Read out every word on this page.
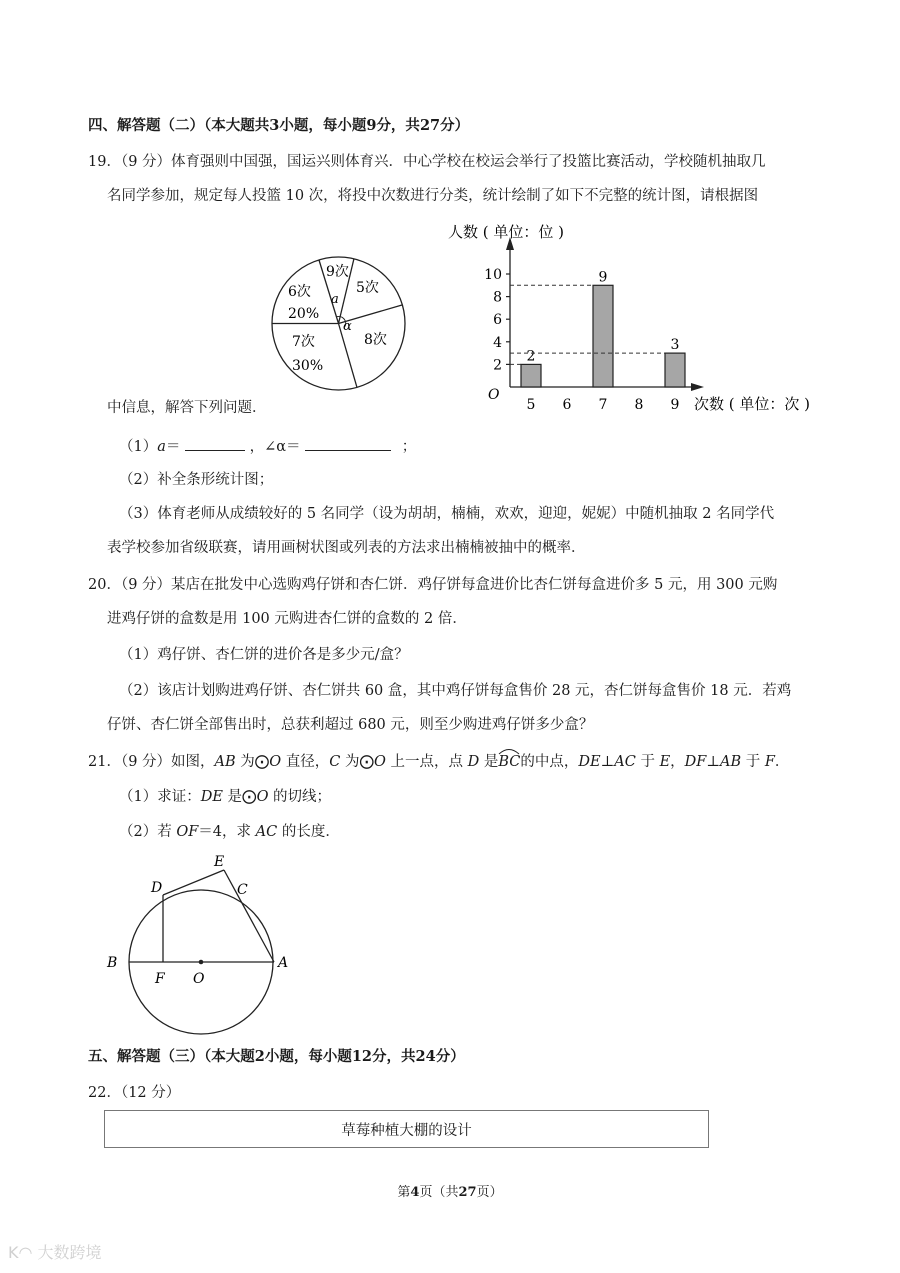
四、解答题（二）（本大题共3小题，每小题9分，共27分）
19．（9 分）体育强则中国强，国运兴则体育兴．中心学校在校运会举行了投篮比赛活动，学校随机抽取几
名同学参加，规定每人投篮 10 次，将投中次数进行分类，统计绘制了如下不完整的统计图，请根据图
9次
5次
6次
20%
7次
30%
8次
a
α
人数 ( 单位：位 )
次数 ( 单位：次 )
O
2
4
6
8
10
5 6 7 8 9
2
9
3
中信息，解答下列问题．
（1）a＝	，∠α＝	；
（2）补全条形统计图；
（3）体育老师从成绩较好的 5 名同学（设为胡胡，楠楠，欢欢，迎迎，妮妮）中随机抽取 2 名同学代
表学校参加省级联赛，请用画树状图或列表的方法求出楠楠被抽中的概率．
20．（9 分）某店在批发中心选购鸡仔饼和杏仁饼．鸡仔饼每盒进价比杏仁饼每盒进价多 5 元，用 300 元购
进鸡仔饼的盒数是用 100 元购进杏仁饼的盒数的 2 倍．
（1）鸡仔饼、杏仁饼的进价各是多少元/盒？
（2）该店计划购进鸡仔饼、杏仁饼共 60 盒，其中鸡仔饼每盒售价 28 元，杏仁饼每盒售价 18 元．若鸡
仔饼、杏仁饼全部售出时，总获利超过 680 元，则至少购进鸡仔饼多少盒？
21．（9 分）如图，AB 为⨀O 直径，C 为⨀O 上一点，点 D 是
BC的中点，DE⊥AC 于 E，DF⊥AB 于 F．
（1）求证：DE 是⨀O 的切线；
（2）若 OF＝4，求 AC 的长度．
E
D	C
B
F O
A
五、解答题（三）（本大题2小题，每小题12分，共24分）
22．（12 分）
草莓种植大棚的设计
第4页（共27页）
K◠ 大数跨境
